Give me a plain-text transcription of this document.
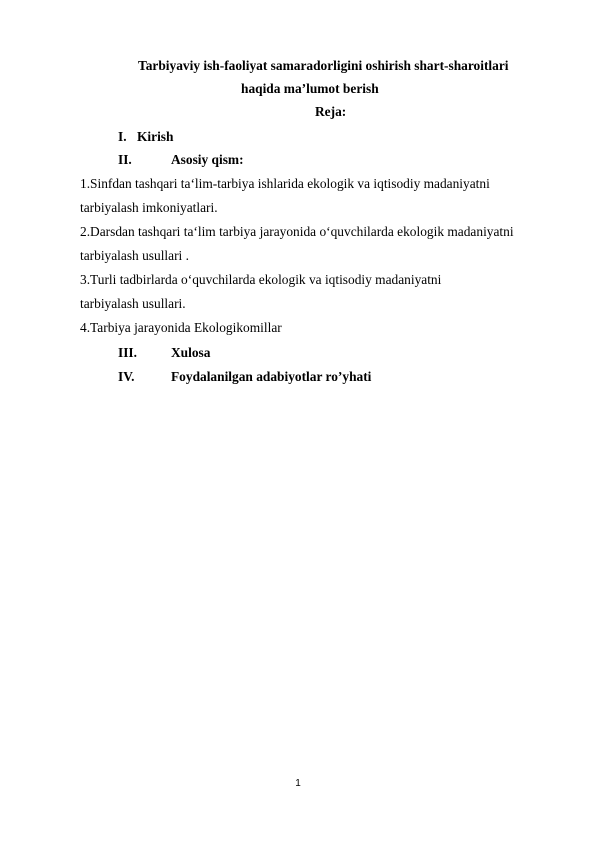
Tarbiyaviy ish-faoliyat samaradorligini oshirish shart-sharoitlari
haqida ma’lumot berish
Reja:
I. Kirish
II.	Asosiy qism:
1.Sinfdan tashqari ta‘lim-tarbiya ishlarida ekologik va iqtisodiy madaniyatni
tarbiyalash imkoniyatlari.
2.Darsdan tashqari ta‘lim tarbiya jarayonida o‘quvchilarda ekologik madaniyatni
tarbiyalash usullari .
3.Turli tadbirlarda o‘quvchilarda ekologik va iqtisodiy madaniyatni
tarbiyalash usullari.
4.Tarbiya jarayonida Ekologikomillar
III.	Xulosa
IV.	Foydalanilgan adabiyotlar ro’yhati
1
